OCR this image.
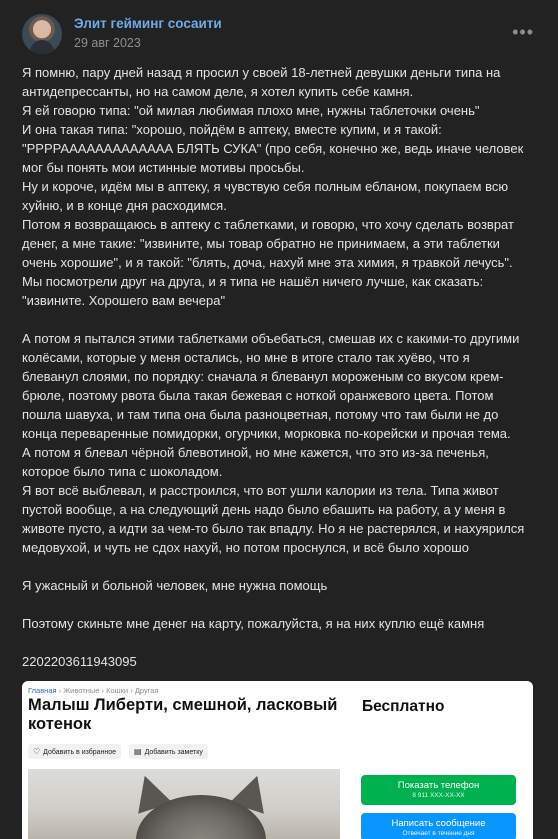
Элит гейминг сосаити
29 авг 2023
•••
Я помню, пару дней назад я просил у своей 18-летней девушки деньги типа на
антидепрессанты, но на самом деле, я хотел купить себе камня.
Я ей говорю типа: "ой милая любимая плохо мне, нужны таблеточки очень"
И она такая типа: "хорошо, пойдём в аптеку, вместе купим, и я такой:
"РРРРААААААААААААА БЛЯТЬ СУКА" (про себя, конечно же, ведь иначе человек
мог бы понять мои истинные мотивы просьбы.
Ну и короче, идём мы в аптеку, я чувствую себя полным ебланом, покупаем всю
хуйню, и в конце дня расходимся.
Потом я возвращаюсь в аптеку с таблетками, и говорю, что хочу сделать возврат
денег, а мне такие: "извините, мы товар обратно не принимаем, а эти таблетки
очень хорошие", и я такой: "блять, доча, нахуй мне эта химия, я травкой лечусь".
Мы посмотрели друг на друга, и я типа не нашёл ничего лучше, как сказать:
"извините. Хорошего вам вечера"

А потом я пытался этими таблетками объебаться, смешав их с какими-то другими
колёсами, которые у меня остались, но мне в итоге стало так хуёво, что я
блеванул слоями, по порядку: сначала я блеванул мороженым со вкусом крем-
брюле, поэтому рвота была такая бежевая с ноткой оранжевого цвета. Потом
пошла шавуха, и там типа она была разноцветная, потому что там были не до
конца переваренные помидорки, огурчики, морковка по-корейски и прочая тема.
А потом я блевал чёрной блевотиной, но мне кажется, что это из-за печенья,
которое было типа с шоколадом.
Я вот всё выблевал, и расстроился, что вот ушли калории из тела. Типа живот
пустой вообще, а на следующий день надо было ебашить на работу, а у меня в
животе пусто, а идти за чем-то было так впадлу. Но я не растерялся, и нахуярился
медовухой, и чуть не сдох нахуй, но потом проснулся, и всё было хорошо

Я ужасный и больной человек, мне нужна помощь

Поэтому скиньте мне денег на карту, пожалуйста, я на них куплю ещё камня

2202203611943095
Главная › Животные › Кошки › Другая
Малыш Либерти, смешной, ласковый котенок
Бесплатно
♡ Добавить в избранное	▤ Добавить заметку
Показать телефон
8 911 XXX-XX-XX
Написать сообщение
Отвечает в течение дня
